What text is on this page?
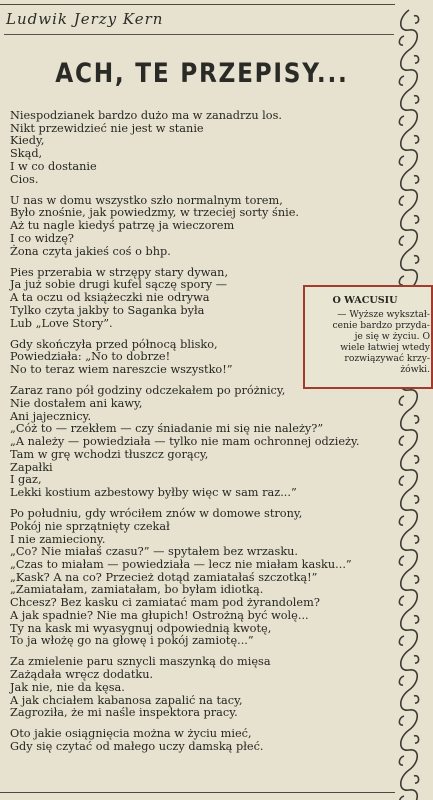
Ludwik Jerzy Kern
ACH, TE PRZEPISY...
Niespodzianek bardzo dużo ma w zanadrzu los.
Nikt przewidzieć nie jest w stanie
Kiedy,
Skąd,
I w co dostanie
Cios.
U nas w domu wszystko szło normalnym torem,
Było znośnie, jak powiedzmy, w trzeciej sorty śnie.
Aż tu nagle kiedyś patrzę ja wieczorem
I co widzę?
Żona czyta jakieś coś o bhp.
Pies przerabia w strzępy stary dywan,
Ja już sobie drugi kufel sączę spory —
A ta oczu od książeczki nie odrywa
Tylko czyta jakby to Saganka była
Lub „Love Story”.
Gdy skończyła przed północą blisko,
Powiedziała: „No to dobrze!
No to teraz wiem nareszcie wszystko!”
Zaraz rano pół godziny odczekałem po próżnicy,
Nie dostałem ani kawy,
Ani jajecznicy.
„Cóż to — rzekłem — czy śniadanie mi się nie należy?”
„A należy — powiedziała — tylko nie mam ochronnej odzieży.
Tam w grę wchodzi tłuszcz gorący,
Zapałki
I gaz,
Lekki kostium azbestowy byłby więc w sam raz...”
Po południu, gdy wróciłem znów w domowe strony,
Pokój nie sprzątnięty czekał
I nie zamieciony.
„Co? Nie miałaś czasu?” — spytałem bez wrzasku.
„Czas to miałam — powiedziała — lecz nie miałam kasku...”
„Kask? A na co? Przecież dotąd zamiatałaś szczotką!”
„Zamiatałam, zamiatałam, bo byłam idiotką.
Chcesz? Bez kasku ci zamiatać mam pod żyrandolem?
A jak spadnie? Nie ma głupich! Ostrożną być wolę...
Ty na kask mi wyasygnuj odpowiednią kwotę,
To ja włożę go na głowę i pokój zamiotę...”
Za zmielenie paru sznycli maszynką do mięsa
Zażądała wręcz dodatku.
Jak nie, nie da kęsa.
A jak chciałem kabanosa zapalić na tacy,
Zagroziła, że mi naśle inspektora pracy.
Oto jakie osiągnięcia można w życiu mieć,
Gdy się czytać od małego uczy damską płeć.
O WACUSIU
— Wyższe wykształ-
cenie bardzo przyda-
je się w życiu. O
wiele łatwiej wtedy
rozwiązywać krzy-
żówki.
